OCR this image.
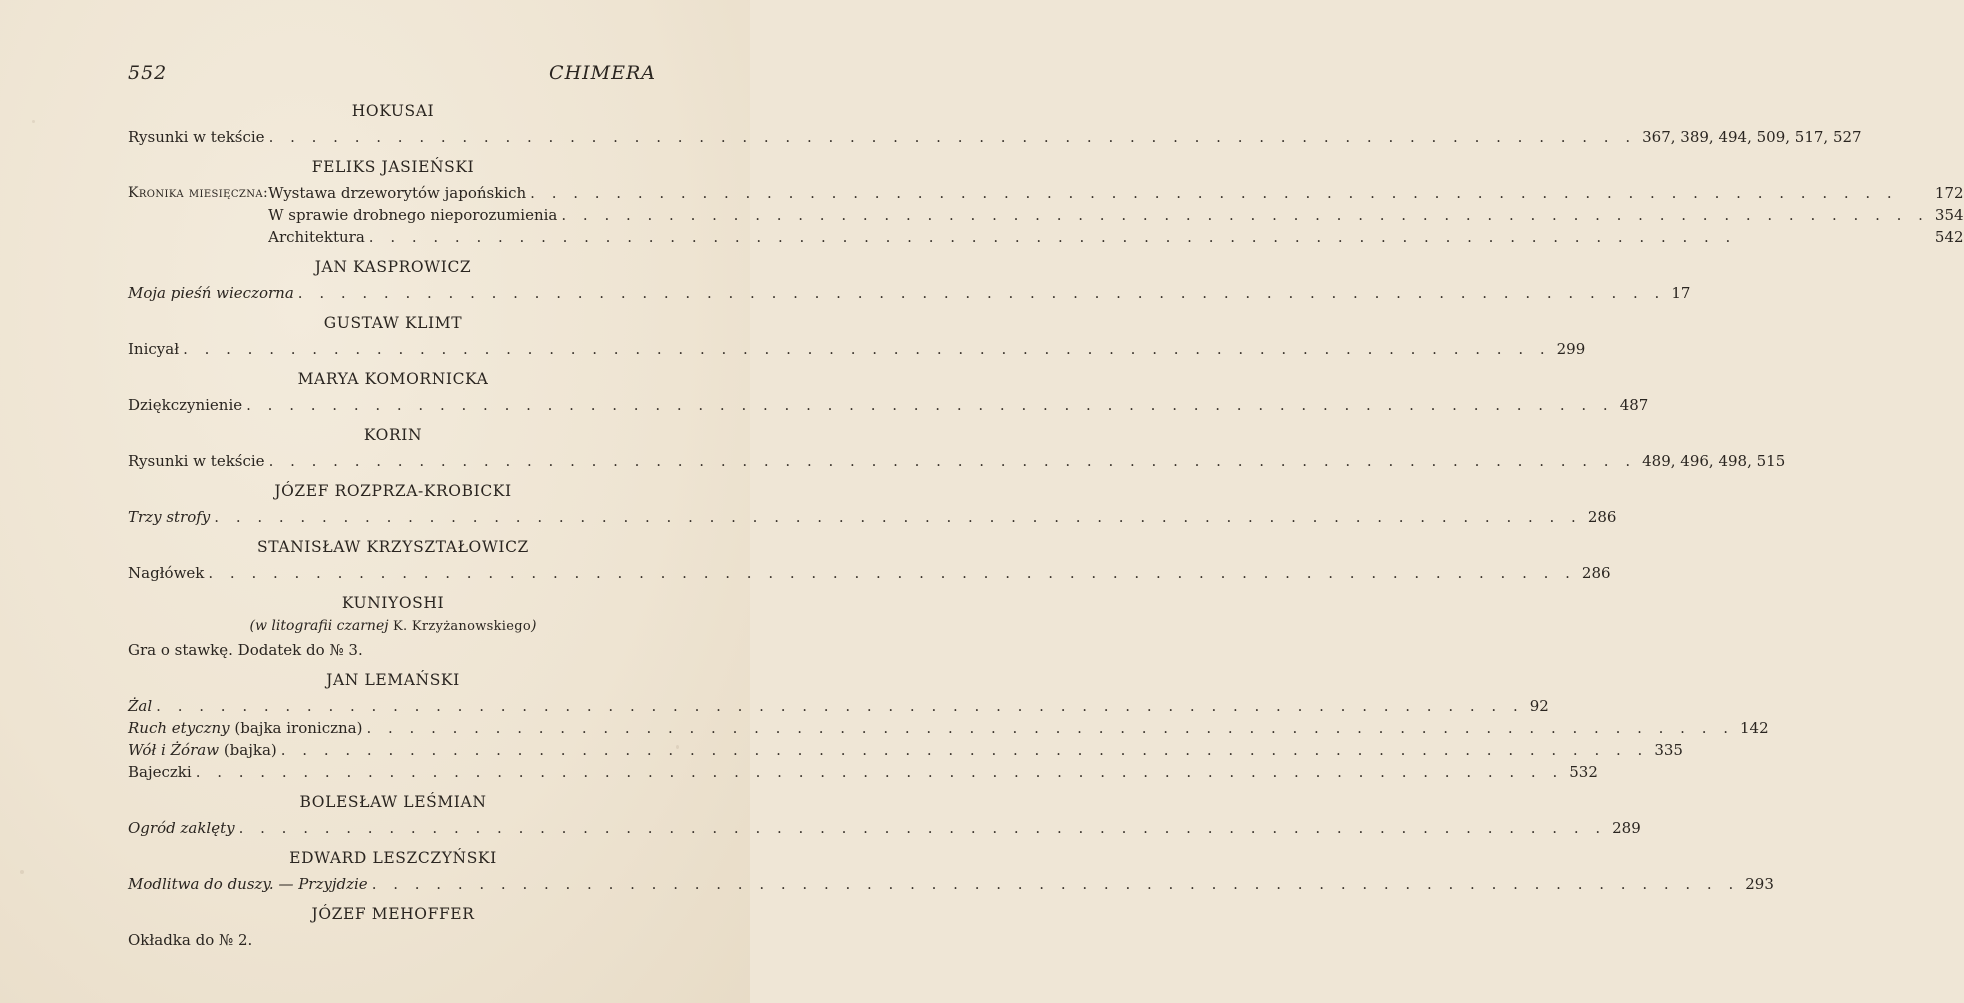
552	CHIMERA
HOKUSAI
Rysunki w tekście . . .	367, 389, 494, 509, 517, 527
FELIKS JASIEŃSKI
Kronika miesięczna: Wystawa drzeworytów japońskich . . .	172
W sprawie drobnego nieporozumienia . . .	354
Architektura . . .	542
JAN KASPROWICZ
Moja pieśń wieczorna . . .	17
GUSTAW KLIMT
Inicyał . . .	299
MARYA KOMORNICKA
Dziękczynienie . . .	487
KORIN
Rysunki w tekście . . .	489, 496, 498, 515
JÓZEF ROZPRZA-KROBICKI
Trzy strofy . . .	286
STANISŁAW KRZYSZTAŁOWICZ
Nagłówek . . .	286
KUNIYOSHI
(w litografii czarnej K. Krzyżanowskiego)
Gra o stawkę. Dodatek do № 3.
JAN LEMAŃSKI
Żal . . .	92
Ruch etyczny (bajka ironiczna) . . .	142
Wół i Żóraw (bajka) . . .	335
Bajeczki . . .	532
BOLESŁAW LEŚMIAN
Ogród zaklęty . . .	289
EDWARD LESZCZYŃSKI
Modlitwa do duszy. — Przyjdzie . . .	293
JÓZEF MEHOFFER
Okładka do № 2.
